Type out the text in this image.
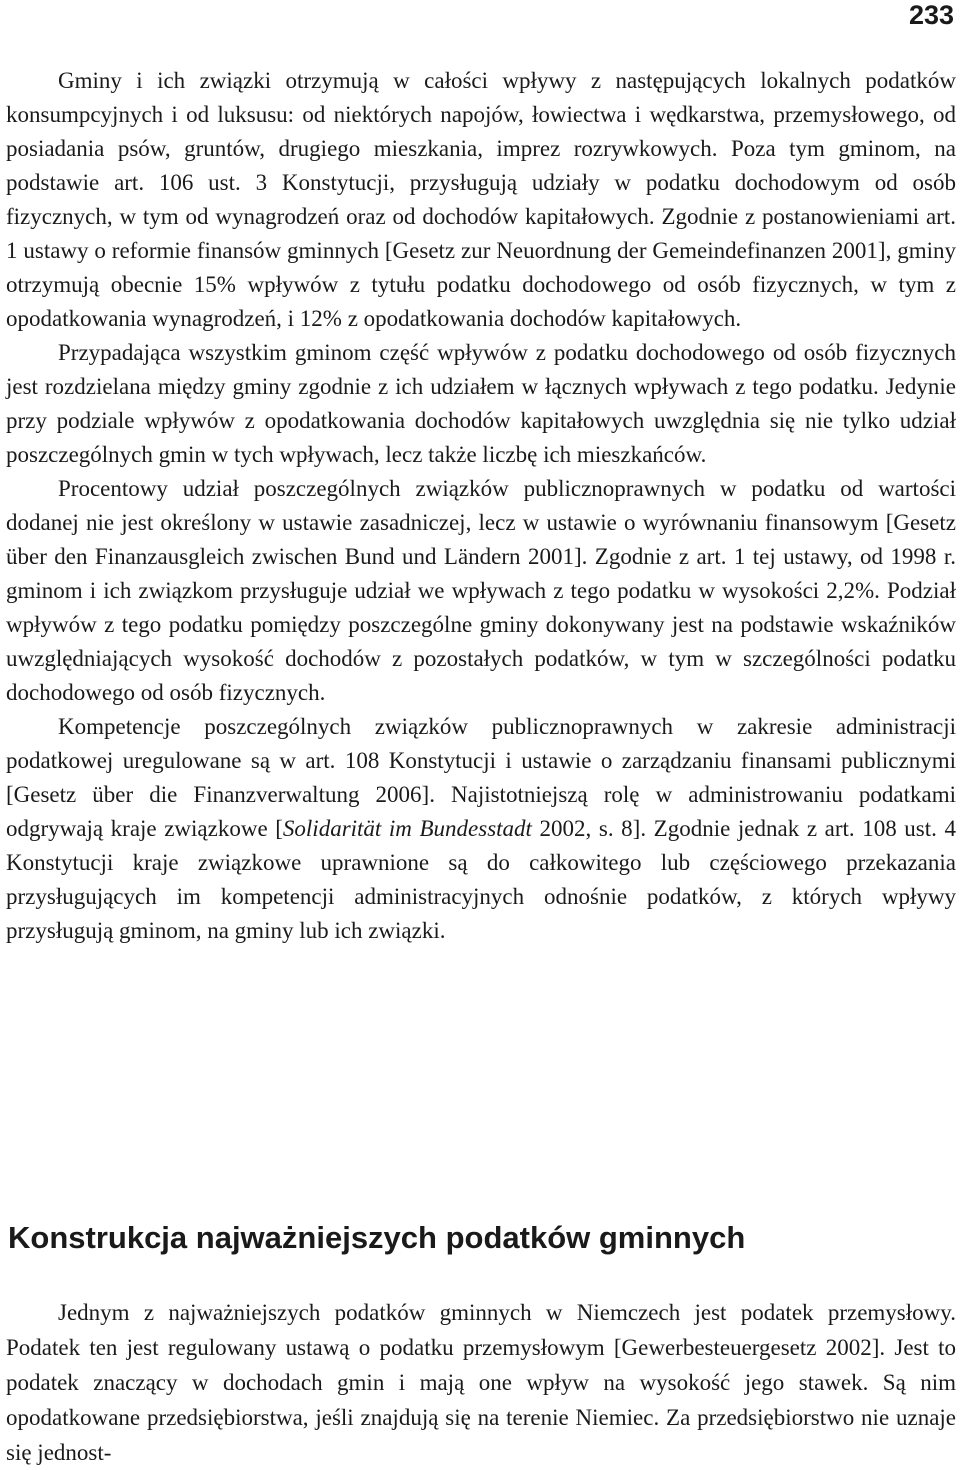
233

Gminy i ich związki otrzymują w całości wpływy z następujących lokalnych podatków konsumpcyjnych i od luksusu: od niektórych napojów, łowiectwa i wędkarstwa, przemysłowego, od posiadania psów, gruntów, drugiego mieszkania, imprez rozrywkowych. Poza tym gminom, na podstawie art. 106 ust. 3 Konstytucji, przysługują udziały w podatku dochodowym od osób fizycznych, w tym od wynagrodzeń oraz od dochodów kapitałowych. Zgodnie z postanowieniami art. 1 ustawy o reformie finansów gminnych [Gesetz zur Neuordnung der Gemeindefinanzen 2001], gminy otrzymują obecnie 15% wpływów z tytułu podatku dochodowego od osób fizycznych, w tym z opodatkowania wynagrodzeń, i 12% z opodatkowania dochodów kapitałowych.

Przypadająca wszystkim gminom część wpływów z podatku dochodowego od osób fizycznych jest rozdzielana między gminy zgodnie z ich udziałem w łącznych wpływach z tego podatku. Jedynie przy podziale wpływów z opodatkowania dochodów kapitałowych uwzględnia się nie tylko udział poszczególnych gmin w tych wpływach, lecz także liczbę ich mieszkańców.

Procentowy udział poszczególnych związków publicznoprawnych w podatku od wartości dodanej nie jest określony w ustawie zasadniczej, lecz w ustawie o wyrównaniu finansowym [Gesetz über den Finanzausgleich zwischen Bund und Ländern 2001]. Zgodnie z art. 1 tej ustawy, od 1998 r. gminom i ich związkom przysługuje udział we wpływach z tego podatku w wysokości 2,2%. Podział wpływów z tego podatku pomiędzy poszczególne gminy dokonywany jest na podstawie wskaźników uwzględniających wysokość dochodów z pozostałych podatków, w tym w szczególności podatku dochodowego od osób fizycznych.

Kompetencje poszczególnych związków publicznoprawnych w zakresie administracji podatkowej uregulowane są w art. 108 Konstytucji i ustawie o zarządzaniu finansami publicznymi [Gesetz über die Finanzverwaltung 2006]. Najistotniejszą rolę w administrowaniu podatkami odgrywają kraje związkowe [Solidarität im Bundesstadt 2002, s. 8]. Zgodnie jednak z art. 108 ust. 4 Konstytucji kraje związkowe uprawnione są do całkowitego lub częściowego przekazania przysługujących im kompetencji administracyjnych odnośnie podatków, z których wpływy przysługują gminom, na gminy lub ich związki.

Konstrukcja najważniejszych podatków gminnych

Jednym z najważniejszych podatków gminnych w Niemczech jest podatek przemysłowy. Podatek ten jest regulowany ustawą o podatku przemysłowym [Gewerbesteuergesetz 2002]. Jest to podatek znaczący w dochodach gmin i mają one wpływ na wysokość jego stawek. Są nim opodatkowane przedsiębiorstwa, jeśli znajdują się na terenie Niemiec. Za przedsiębiorstwo nie uznaje się jednost-
